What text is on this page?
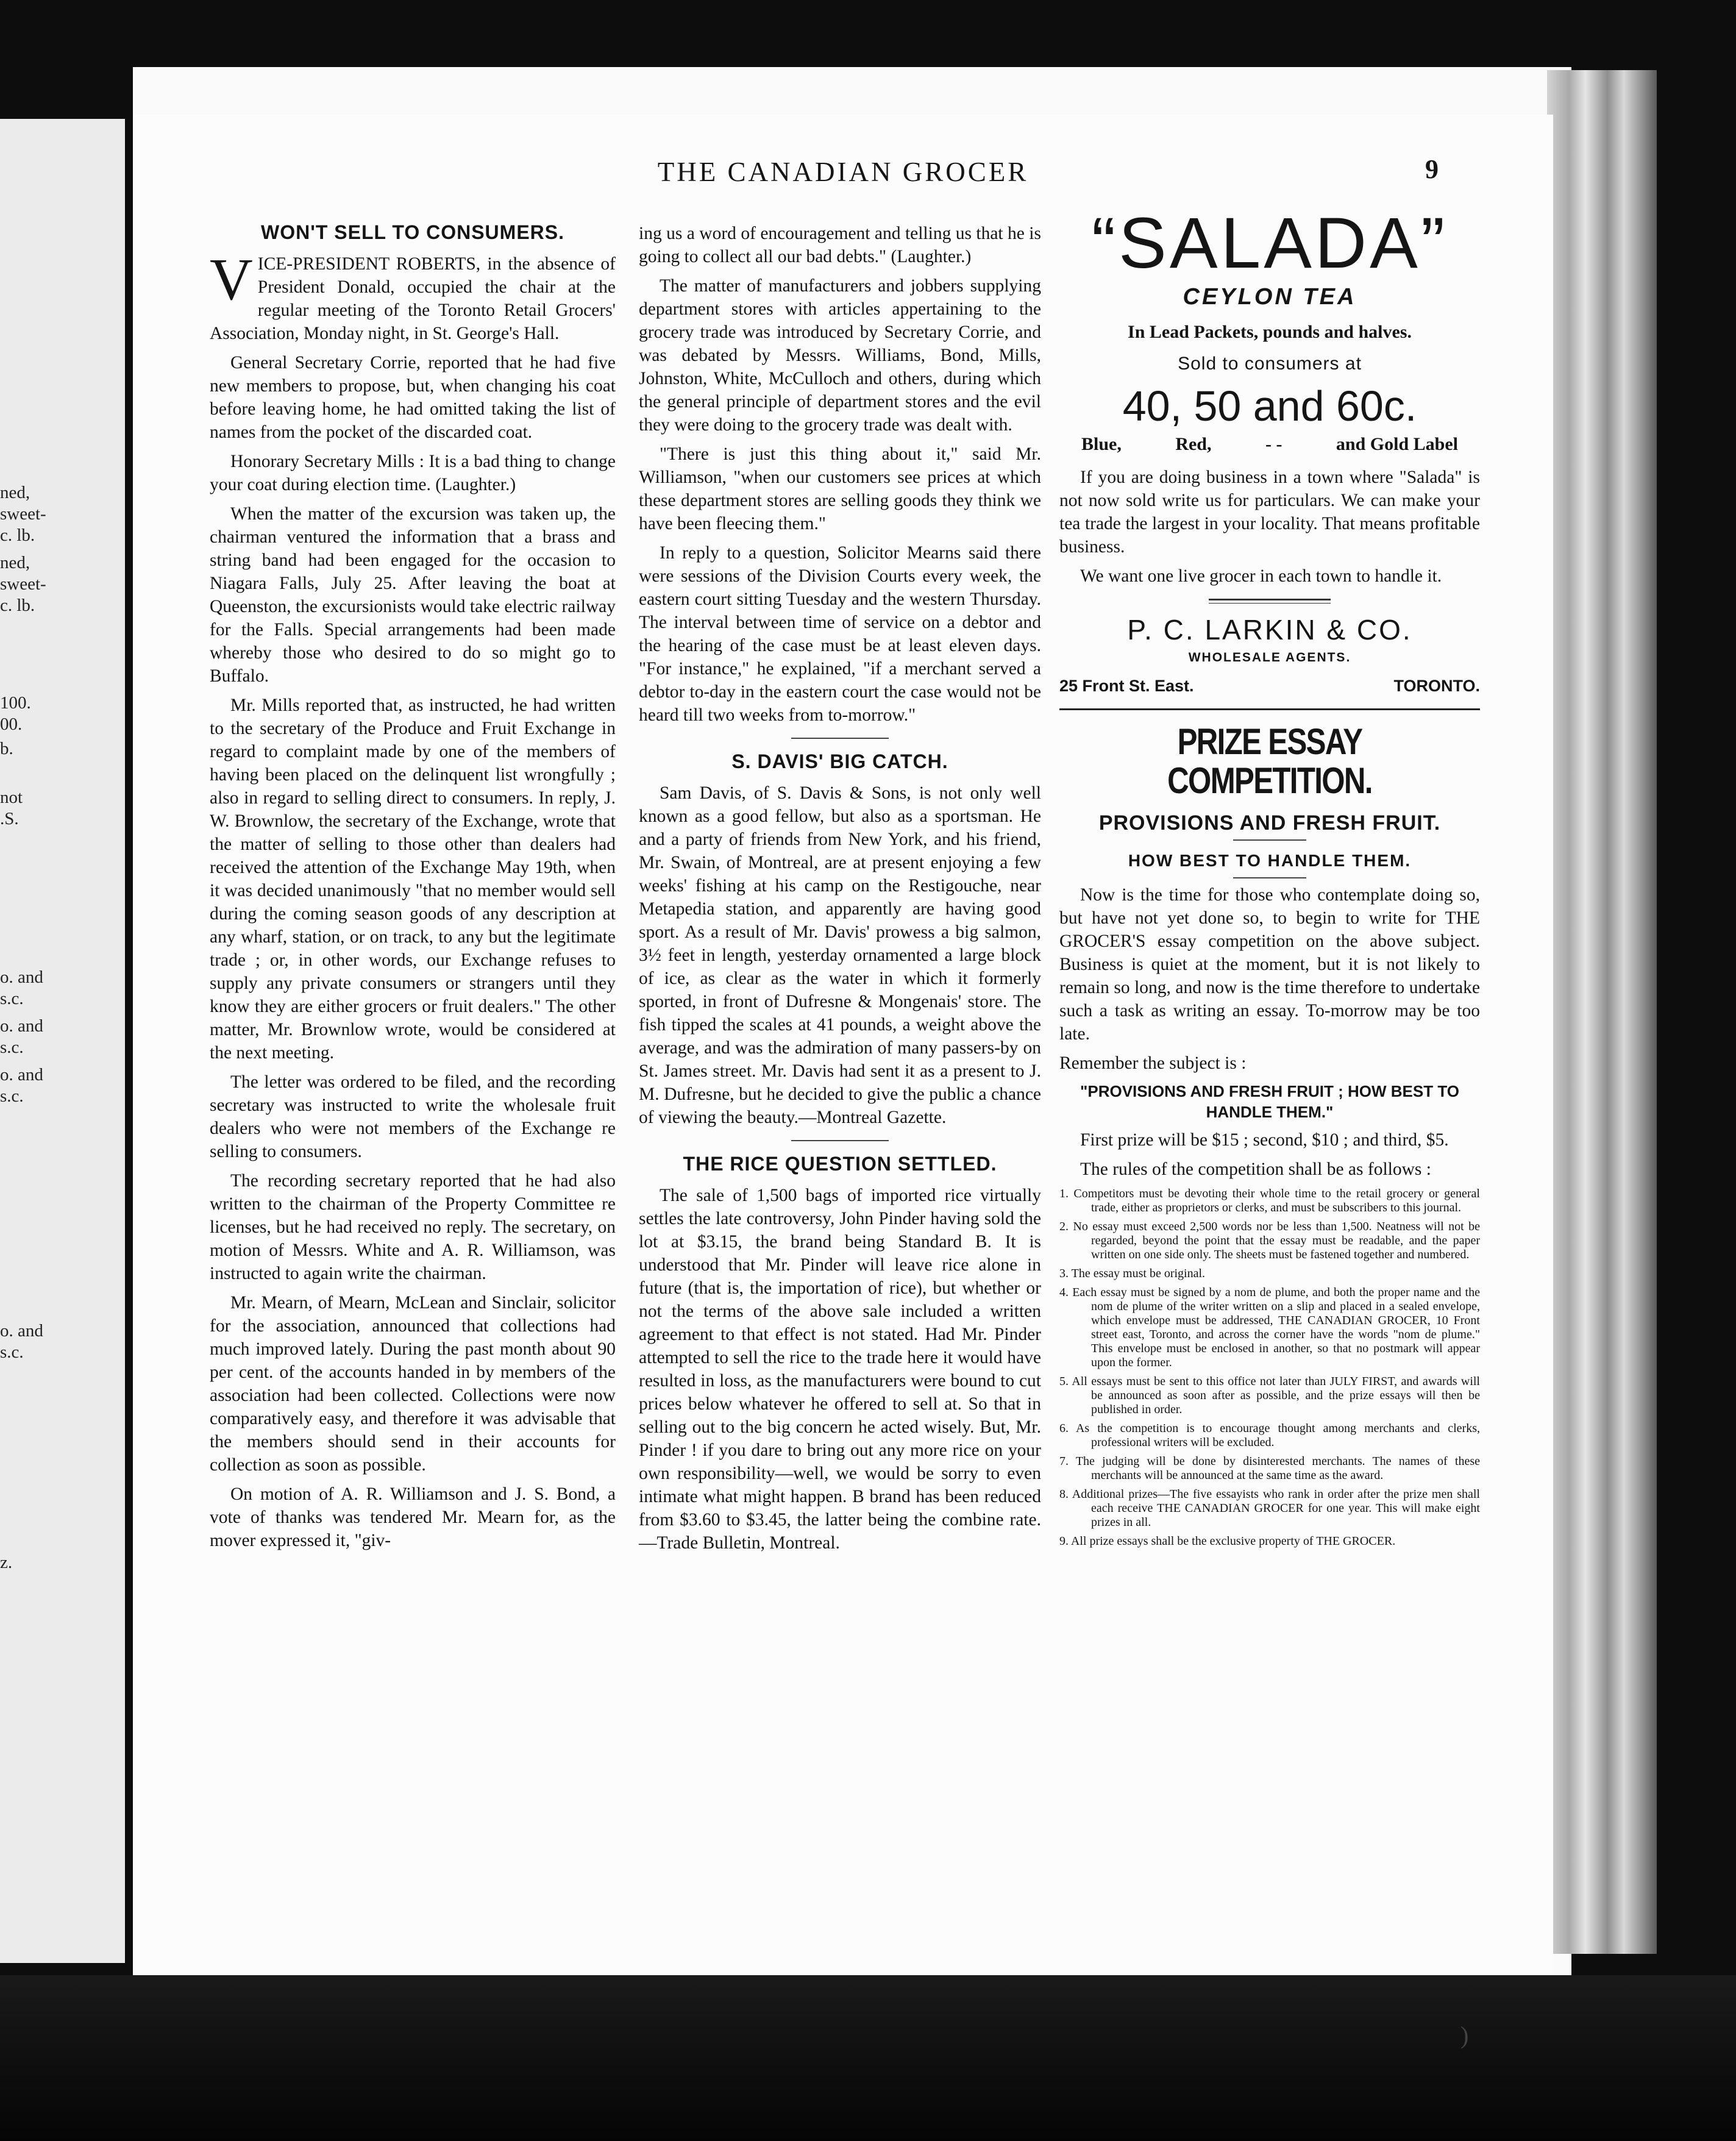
ned,
sweet-
c. lb.
ned,
sweet-
c. lb.
100.
00.
b.
not
.S.
o. and
s.c.
o. and
s.c.
o. and
s.c.
o. and
s.c.
z.
THE CANADIAN GROCER	9
WON'T SELL TO CONSUMERS.

VICE-PRESIDENT ROBERTS, in the absence of President Donald, occupied the chair at the regular meeting of the Toronto Retail Grocers' Association, Monday night, in St. George's Hall.

General Secretary Corrie, reported that he had five new members to propose, but, when changing his coat before leaving home, he had omitted taking the list of names from the pocket of the discarded coat.

Honorary Secretary Mills : It is a bad thing to change your coat during election time. (Laughter.)

When the matter of the excursion was taken up, the chairman ventured the information that a brass and string band had been engaged for the occasion to Niagara Falls, July 25. After leaving the boat at Queenston, the excursionists would take electric railway for the Falls. Special arrangements had been made whereby those who desired to do so might go to Buffalo.

Mr. Mills reported that, as instructed, he had written to the secretary of the Produce and Fruit Exchange in regard to complaint made by one of the members of having been placed on the delinquent list wrongfully ; also in regard to selling direct to consumers. In reply, J. W. Brownlow, the secretary of the Exchange, wrote that the matter of selling to those other than dealers had received the attention of the Exchange May 19th, when it was decided unanimously "that no member would sell during the coming season goods of any description at any wharf, station, or on track, to any but the legitimate trade ; or, in other words, our Exchange refuses to supply any private consumers or strangers until they know they are either grocers or fruit dealers." The other matter, Mr. Brownlow wrote, would be considered at the next meeting.

The letter was ordered to be filed, and the recording secretary was instructed to write the wholesale fruit dealers who were not members of the Exchange re selling to consumers.

The recording secretary reported that he had also written to the chairman of the Property Committee re licenses, but he had received no reply. The secretary, on motion of Messrs. White and A. R. Williamson, was instructed to again write the chairman.

Mr. Mearn, of Mearn, McLean and Sinclair, solicitor for the association, announced that collections had much improved lately. During the past month about 90 per cent. of the accounts handed in by members of the association had been collected. Collections were now comparatively easy, and therefore it was advisable that the members should send in their accounts for collection as soon as possible.

On motion of A. R. Williamson and J. S. Bond, a vote of thanks was tendered Mr. Mearn for, as the mover expressed it, "giv-

ing us a word of encouragement and telling us that he is going to collect all our bad debts." (Laughter.)

The matter of manufacturers and jobbers supplying department stores with articles appertaining to the grocery trade was introduced by Secretary Corrie, and was debated by Messrs. Williams, Bond, Mills, Johnston, White, McCulloch and others, during which the general principle of department stores and the evil they were doing to the grocery trade was dealt with.

"There is just this thing about it," said Mr. Williamson, "when our customers see prices at which these department stores are selling goods they think we have been fleecing them."

In reply to a question, Solicitor Mearns said there were sessions of the Division Courts every week, the eastern court sitting Tuesday and the western Thursday. The interval between time of service on a debtor and the hearing of the case must be at least eleven days. "For instance," he explained, "if a merchant served a debtor to-day in the eastern court the case would not be heard till two weeks from to-morrow."

S. DAVIS' BIG CATCH.

Sam Davis, of S. Davis & Sons, is not only well known as a good fellow, but also as a sportsman. He and a party of friends from New York, and his friend, Mr. Swain, of Montreal, are at present enjoying a few weeks' fishing at his camp on the Restigouche, near Metapedia station, and apparently are having good sport. As a result of Mr. Davis' prowess a big salmon, 3½ feet in length, yesterday ornamented a large block of ice, as clear as the water in which it formerly sported, in front of Dufresne & Mongenais' store. The fish tipped the scales at 41 pounds, a weight above the average, and was the admiration of many passers-by on St. James street. Mr. Davis had sent it as a present to J. M. Dufresne, but he decided to give the public a chance of viewing the beauty.—Montreal Gazette.

THE RICE QUESTION SETTLED.

The sale of 1,500 bags of imported rice virtually settles the late controversy, John Pinder having sold the lot at $3.15, the brand being Standard B. It is understood that Mr. Pinder will leave rice alone in future (that is, the importation of rice), but whether or not the terms of the above sale included a written agreement to that effect is not stated. Had Mr. Pinder attempted to sell the rice to the trade here it would have resulted in loss, as the manufacturers were bound to cut prices below whatever he offered to sell at. So that in selling out to the big concern he acted wisely. But, Mr. Pinder ! if you dare to bring out any more rice on your own responsibility—well, we would be sorry to even intimate what might happen. B brand has been reduced from $3.60 to $3.45, the latter being the combine rate.—Trade Bulletin, Montreal.

“SALADA”
CEYLON TEA
In Lead Packets, pounds and halves.
Sold to consumers at
40, 50 and 60c.
Blue,	Red,	- -	and Gold Label

If you are doing business in a town where "Salada" is not now sold write us for particulars. We can make your tea trade the largest in your locality. That means profitable business.

We want one live grocer in each town to handle it.

P. C. LARKIN & CO.
WHOLESALE AGENTS.
25 Front St. East.	TORONTO.
PRIZE ESSAY COMPETITION.
PROVISIONS AND FRESH FRUIT.
HOW BEST TO HANDLE THEM.

Now is the time for those who contemplate doing so, but have not yet done so, to begin to write for THE GROCER'S essay competition on the above subject. Business is quiet at the moment, but it is not likely to remain so long, and now is the time therefore to undertake such a task as writing an essay. To-morrow may be too late.

Remember the subject is :

"PROVISIONS AND FRESH FRUIT ; HOW BEST TO HANDLE THEM."

First prize will be $15 ; second, $10 ; and third, $5.

The rules of the competition shall be as follows :

1. Competitors must be devoting their whole time to the retail grocery or general trade, either as proprietors or clerks, and must be subscribers to this journal.
2. No essay must exceed 2,500 words nor be less than 1,500. Neatness will not be regarded, beyond the point that the essay must be readable, and the paper written on one side only. The sheets must be fastened together and numbered.
3. The essay must be original.
4. Each essay must be signed by a nom de plume, and both the proper name and the nom de plume of the writer written on a slip and placed in a sealed envelope, which envelope must be addressed, THE CANADIAN GROCER, 10 Front street east, Toronto, and across the corner have the words "nom de plume." This envelope must be enclosed in another, so that no postmark will appear upon the former.
5. All essays must be sent to this office not later than JULY FIRST, and awards will be announced as soon after as possible, and the prize essays will then be published in order.
6. As the competition is to encourage thought among merchants and clerks, professional writers will be excluded.
7. The judging will be done by disinterested merchants. The names of these merchants will be announced at the same time as the award.
8. Additional prizes—The five essayists who rank in order after the prize men shall each receive THE CANADIAN GROCER for one year. This will make eight prizes in all.
9. All prize essays shall be the exclusive property of THE GROCER.
)
